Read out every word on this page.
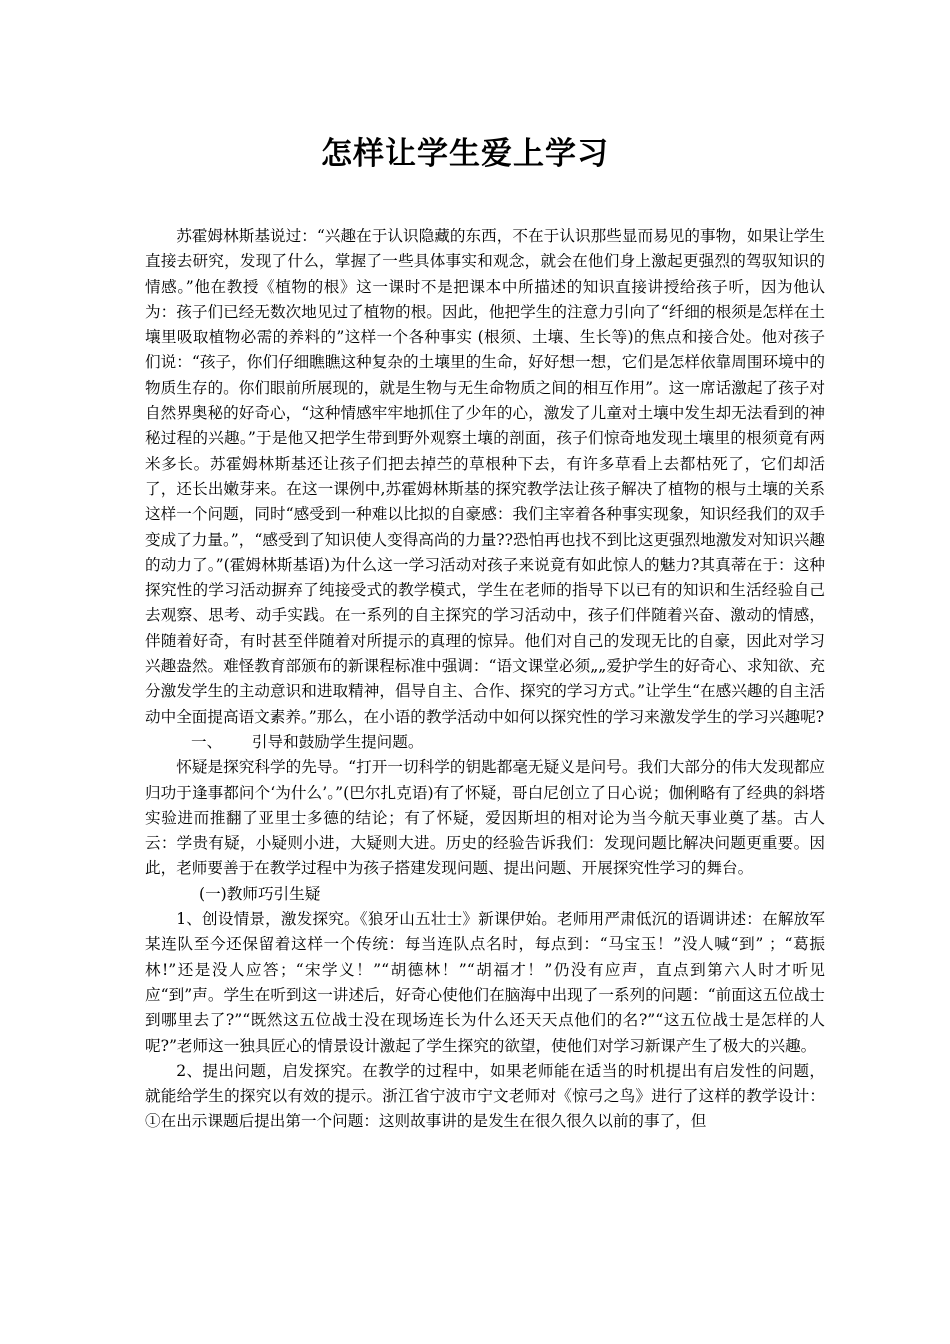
怎样让学生爱上学习

苏霍姆林斯基说过：“兴趣在于认识隐藏的东西，不在于认识那些显而易见的事物，如果让学生直接去研究，发现了什么，掌握了一些具体事实和观念，就会在他们身上激起更强烈的驾驭知识的情感。”他在教授《植物的根》这一课时不是把课本中所描述的知识直接讲授给孩子听，因为他认为：孩子们已经无数次地见过了植物的根。因此，他把学生的注意力引向了“纤细的根须是怎样在土壤里吸取植物必需的养料的”这样一个各种事实 (根须、土壤、生长等)的焦点和接合处。他对孩子们说：“孩子，你们仔细瞧瞧这种复杂的土壤里的生命，好好想一想，它们是怎样依靠周围环境中的物质生存的。你们眼前所展现的，就是生物与无生命物质之间的相互作用”。这一席话激起了孩子对自然界奥秘的好奇心，“这种情感牢牢地抓住了少年的心，激发了儿童对土壤中发生却无法看到的神秘过程的兴趣。”于是他又把学生带到野外观察土壤的剖面，孩子们惊奇地发现土壤里的根须竟有两米多长。苏霍姆林斯基还让孩子们把去掉苎的草根种下去，有许多草看上去都枯死了，它们却活了，还长出嫩芽来。在这一课例中,苏霍姆林斯基的探究教学法让孩子解决了植物的根与土壤的关系这样一个问题，同时“感受到一种难以比拟的自豪感：我们主宰着各种事实现象，知识经我们的双手变成了力量。”，“感受到了知识使人变得高尚的力量??恐怕再也找不到比这更强烈地激发对知识兴趣的动力了。”(霍姆林斯基语)为什么这一学习活动对孩子来说竟有如此惊人的魅力?其真蒂在于：这种探究性的学习活动摒弃了纯接受式的教学模式，学生在老师的指导下以已有的知识和生活经验自己去观察、思考、动手实践。在一系列的自主探究的学习活动中，孩子们伴随着兴奋、激动的情感，伴随着好奇，有时甚至伴随着对所提示的真理的惊异。他们对自己的发现无比的自豪，因此对学习兴趣盎然。难怪教育部颁布的新课程标准中强调：“语文课堂必须„„爱护学生的好奇心、求知欲、充分激发学生的主动意识和进取精神，倡导自主、合作、探究的学习方式。”让学生“在感兴趣的自主活动中全面提高语文素养。”那么，在小语的教学活动中如何以探究性的学习来激发学生的学习兴趣呢?

一、      引导和鼓励学生提问题。

怀疑是探究科学的先导。“打开一切科学的钥匙都毫无疑义是问号。我们大部分的伟大发现都应归功于逢事都问个‘为什么’。”(巴尔扎克语)有了怀疑，哥白尼创立了日心说；伽俐略有了经典的斜塔实验进而推翻了亚里士多德的结论；有了怀疑，爱因斯坦的相对论为当今航天事业奠了基。古人云：学贵有疑，小疑则小进，大疑则大进。历史的经验告诉我们：发现问题比解决问题更重要。因此，老师要善于在教学过程中为孩子搭建发现问题、提出问题、开展探究性学习的舞台。

(一)教师巧引生疑

1、创设情景，激发探究。《狼牙山五壮士》新课伊始。老师用严肃低沉的语调讲述：在解放军某连队至今还保留着这样一个传统：每当连队点名时，每点到：“马宝玉！”没人喊“到” ；“葛振林!”还是没人应答；“宋学义！”“胡德林！”“胡福才！”仍没有应声，直点到第六人时才听见应“到”声。学生在听到这一讲述后，好奇心使他们在脑海中出现了一系列的问题：“前面这五位战士到哪里去了?”“既然这五位战士没在现场连长为什么还天天点他们的名?”“这五位战士是怎样的人呢?”老师这一独具匠心的情景设计激起了学生探究的欲望，使他们对学习新课产生了极大的兴趣。

2、提出问题，启发探究。在教学的过程中，如果老师能在适当的时机提出有启发性的问题，就能给学生的探究以有效的提示。浙江省宁波市宁文老师对《惊弓之鸟》进行了这样的教学设计：①在出示课题后提出第一个问题：这则故事讲的是发生在很久很久以前的事了，但
